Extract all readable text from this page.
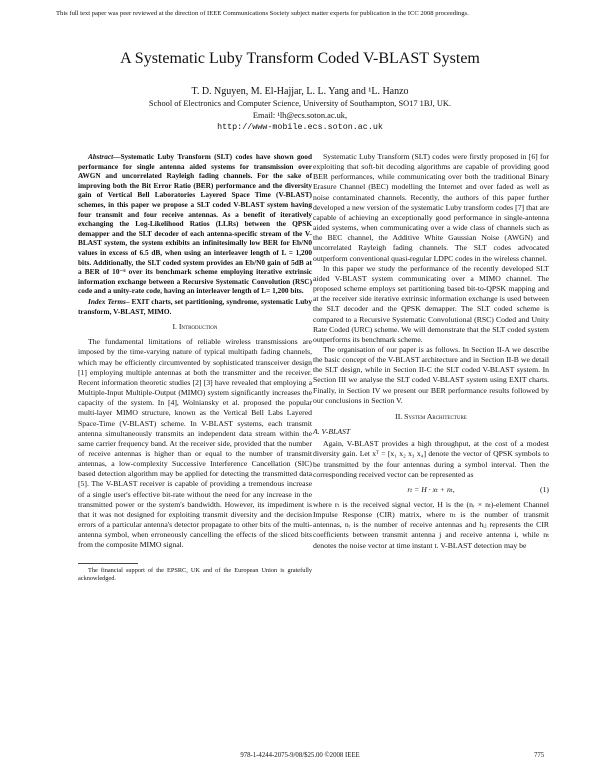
This full text paper was peer reviewed at the direction of IEEE Communications Society subject matter experts for publication in the ICC 2008 proceedings.
A Systematic Luby Transform Coded V-BLAST System
T. D. Nguyen, M. El-Hajjar, L. L. Yang and ¹L. Hanzo
School of Electronics and Computer Science, University of Southampton, SO17 1BJ, UK.
Email: ¹lh@ecs.soton.ac.uk,
http://www-mobile.ecs.soton.ac.uk

Abstract—Systematic Luby Transform (SLT) codes have shown good performance for single antenna aided systems for transmission over AWGN and uncorrelated Rayleigh fading channels. For the sake of improving both the Bit Error Ratio (BER) performance and the diversity gain of Vertical Bell Laboratories Layered Space Time (V-BLAST) schemes, in this paper we propose a SLT coded V-BLAST system having four transmit and four receive antennas. As a benefit of iteratively exchanging the Log-Likelihood Ratios (LLRs) between the QPSK demapper and the SLT decoder of each antenna-specific stream of the V-BLAST system, the system exhibits an infinitesimally low BER for Eb/N0 values in excess of 6.5 dB, when using an interleaver length of L = 1,200 bits. Additionally, the SLT coded system provides an Eb/N0 gain of 5dB at a BER of 10⁻⁶ over its benchmark scheme employing iterative extrinsic information exchange between a Recursive Systematic Convolution (RSC) code and a unity-rate code, having an interleaver length of L= 1,200 bits.

Index Terms– EXIT charts, set partitioning, syndrome, systematic Luby transform, V-BLAST, MIMO.

I. Introduction

The fundamental limitations of reliable wireless transmissions are imposed by the time-varying nature of typical multipath fading channels, which may be efficiently circumvented by sophisticated transceiver design [1] employing multiple antennas at both the transmitter and the receiver. Recent information theoretic studies [2] [3] have revealed that employing a Multiple-Input Multiple-Output (MIMO) system significantly increases the capacity of the system. In [4], Wolniansky et al. proposed the popular multi-layer MIMO structure, known as the Vertical Bell Labs Layered Space-Time (V-BLAST) scheme. In V-BLAST systems, each transmit antenna simultaneously transmits an independent data stream within the same carrier frequency band. At the receiver side, provided that the number of receive antennas is higher than or equal to the number of transmit antennas, a low-complexity Successive Interference Cancellation (SIC) based detection algorithm may be applied for detecting the transmitted data [5]. The V-BLAST receiver is capable of providing a tremendous increase of a single user's effective bit-rate without the need for any increase in the transmitted power or the system's bandwidth. However, its impediment is that it was not designed for exploiting transmit diversity and the decision errors of a particular antenna's detector propagate to other bits of the multi-antenna symbol, when erroneously cancelling the effects of the sliced bits from the composite MIMO signal.

The financial support of the EPSRC, UK and of the European Union is gratefully acknowledged.

Systematic Luby Transform (SLT) codes were firstly proposed in [6] for exploiting that soft-bit decoding algorithms are capable of providing good BER performances, while communicating over both the traditional Binary Erasure Channel (BEC) modelling the Internet and over faded as well as noise contaminated channels. Recently, the authors of this paper further developed a new version of the systematic Luby transform codes [7] that are capable of achieving an exceptionally good performance in single-antenna aided systems, when communicating over a wide class of channels such as the BEC channel, the Additive White Gaussian Noise (AWGN) and uncorrelated Rayleigh fading channels. The SLT codes advocated outperform conventional quasi-regular LDPC codes in the wireless channel.

In this paper we study the performance of the recently developed SLT aided V-BLAST system communicating over a MIMO channel. The proposed scheme employs set partitioning based bit-to-QPSK mapping and at the receiver side iterative extrinsic information exchange is used between the SLT decoder and the QPSK demapper. The SLT coded scheme is compared to a Recursive Systematic Convolutional (RSC) Coded and Unity Rate Coded (URC) scheme. We will demonstrate that the SLT coded system outperforms its benchmark scheme.

The organisation of our paper is as follows. In Section II-A we describe the basic concept of the V-BLAST architecture and in Section II-B we detail the SLT design, while in Section II-C the SLT coded V-BLAST system. In Section III we analyse the SLT coded V-BLAST system using EXIT charts. Finally, in Section IV we present our BER performance results followed by our conclusions in Section V.

II. System Architecture

A. V-BLAST

Again, V-BLAST provides a high throughput, at the cost of a modest diversity gain. Let xᵀ = [x₁ x₂ x₃ x₄] denote the vector of QPSK symbols to be transmitted by the four antennas during a symbol interval. Then the corresponding received vector can be represented as

rₜ = H · xₜ + nₜ,	(1)

where rₜ is the received signal vector, H is the (nᵣ × nₜ)-element Channel Impulse Response (CIR) matrix, where nₜ is the number of transmit antennas, nᵣ is the number of receive antennas and hᵢⱼ represents the CIR coefficients between transmit antenna j and receive antenna i, while nₜ denotes the noise vector at time instant t. V-BLAST detection may be

978-1-4244-2075-9/08/$25.00 ©2008 IEEE	775
